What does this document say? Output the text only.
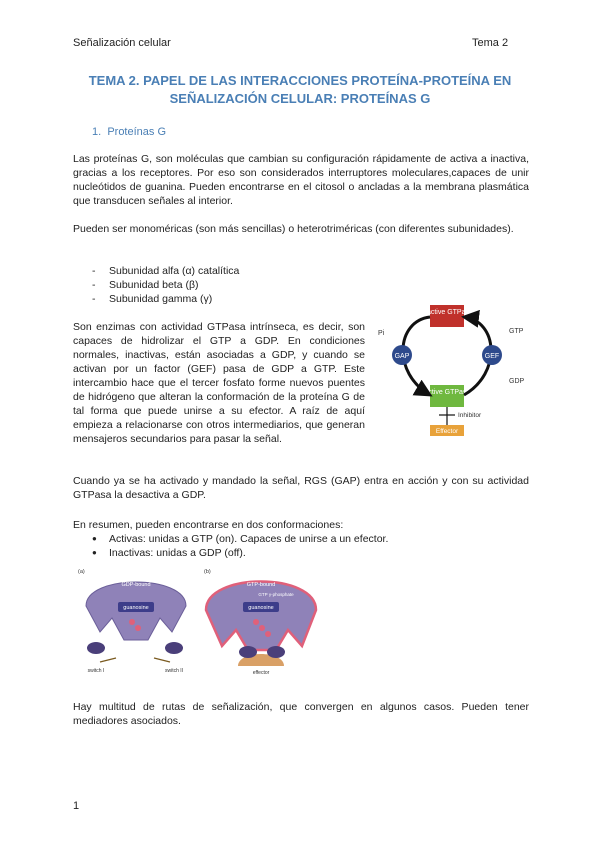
Señalización celular	Tema 2
TEMA 2. PAPEL DE LAS INTERACCIONES PROTEÍNA-PROTEÍNA EN SEÑALIZACIÓN CELULAR: PROTEÍNAS G
1. Proteínas G

Las proteínas G, son moléculas que cambian su configuración rápidamente de activa a inactiva, gracias a los receptores. Por eso son considerados interruptores moleculares,capaces de unir nucleótidos de guanina. Pueden encontrarse en el citosol o ancladas a la membrana plasmática que transducen señales al interior.

Pueden ser monoméricas (son más sencillas) o heterotriméricas (con diferentes subunidades).

- Subunidad alfa (α) catalítica
- Subunidad beta (β)
- Subunidad gamma (γ)

Son enzimas con actividad GTPasa intrínseca, es decir, son capaces de hidrolizar el GTP a GDP. En condiciones normales, inactivas, están asociadas a GDP, y cuando se activan por un factor (GEF) pasa de GDP a GTP. Este intercambio hace que el tercer fosfato forme nuevos puentes de hidrógeno que alteran la conformación de la proteína G de tal forma que puede unirse a su efector. A raíz de aquí empieza a relacionarse con otros intermediarios, que generan mensajeros secundarios para pasar la señal.

Inactive GTPase
Active GTPase
GAP	GEF
Pi	GTP
GDP
Inhibitor
Effector

Cuando ya se ha activado y mandado la señal, RGS (GAP) entra en acción y con su actividad GTPasa la desactiva a GDP.

En resumen, pueden encontrarse en dos conformaciones:

● Activas: unidas a GTP (on). Capaces de unirse a un efector.
● Inactivas: unidas a GDP (off).
(a)
GDP-bound
guanosine
switch I	switch II
(b)
GTP-bound
GTP γ-phosphate
guanosine
effector

Hay multitud de rutas de señalización, que convergen en algunos casos. Pueden tener mediadores asociados.

1
